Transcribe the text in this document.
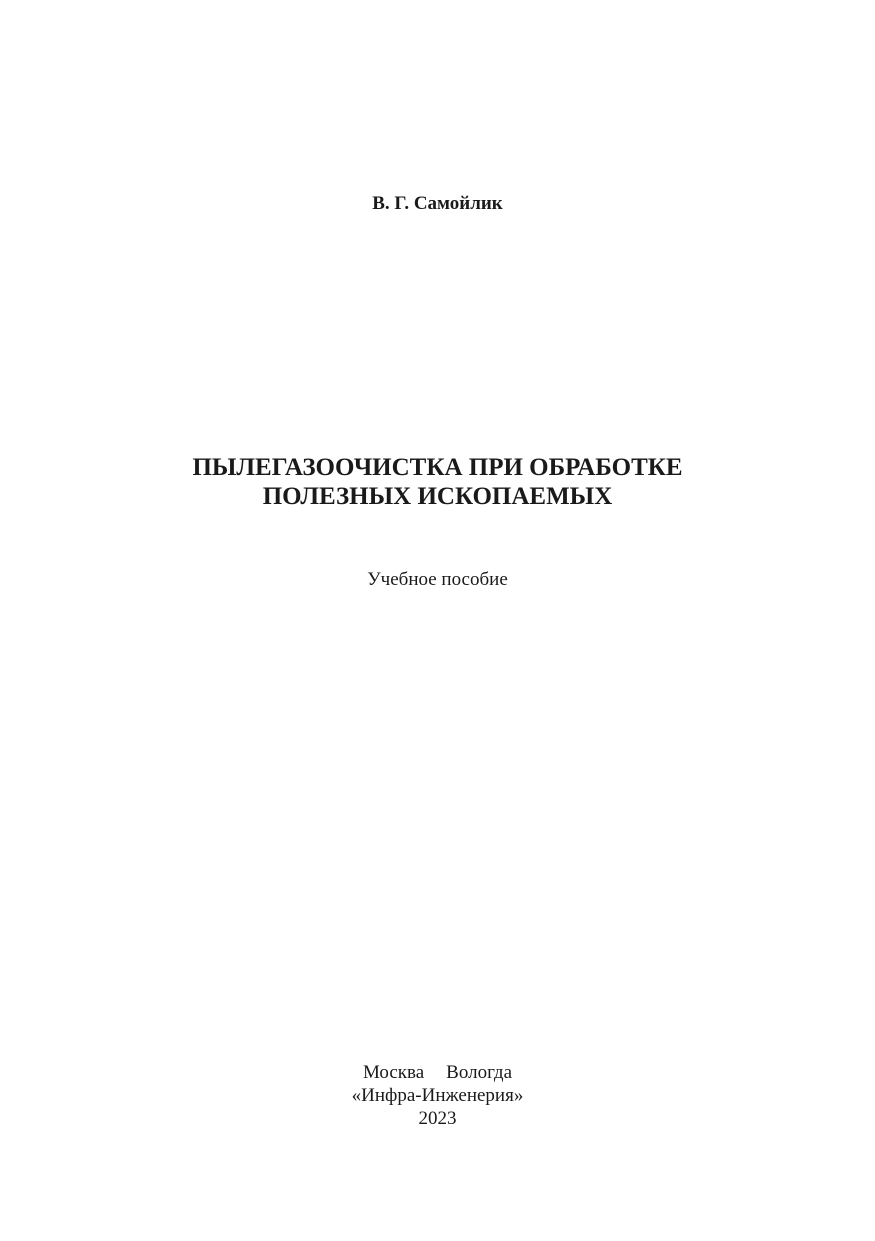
В. Г. Самойлик
ПЫЛЕГАЗООЧИСТКА ПРИ ОБРАБОТКЕ
ПОЛЕЗНЫХ ИСКОПАЕМЫХ
Учебное пособие
Москва Вологда
«Инфра-Инженерия»
2023
